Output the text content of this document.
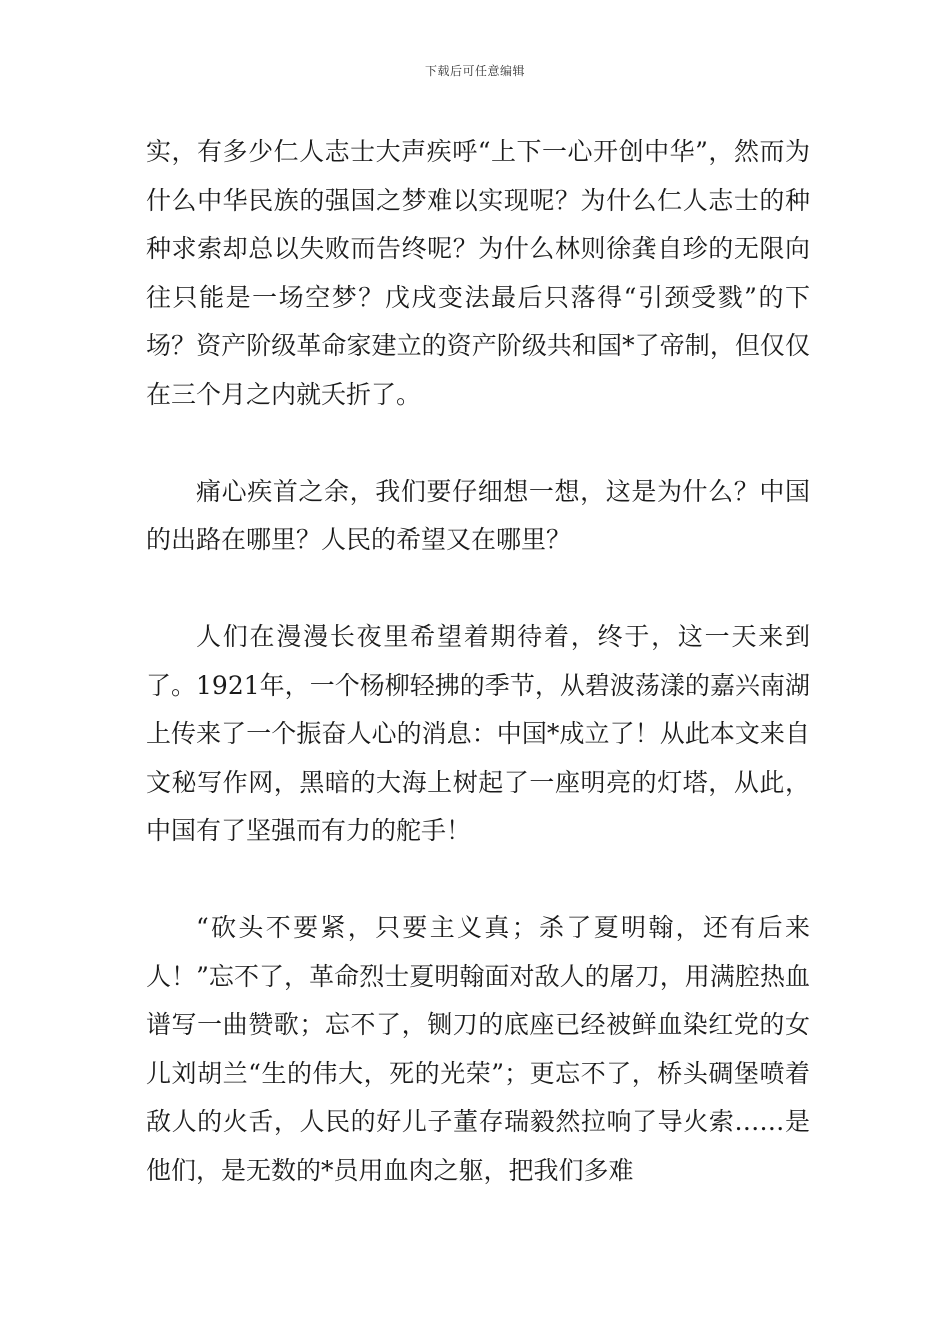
下载后可任意编辑

实，有多少仁人志士大声疾呼“上下一心开创中华”，然而为什么中华民族的强国之梦难以实现呢？为什么仁人志士的种种求索却总以失败而告终呢？为什么林则徐龚自珍的无限向往只能是一场空梦？戊戌变法最后只落得“引颈受戮”的下场？资产阶级革命家建立的资产阶级共和国*了帝制，但仅仅在三个月之内就夭折了。

痛心疾首之余，我们要仔细想一想，这是为什么？中国的出路在哪里？人民的希望又在哪里？

人们在漫漫长夜里希望着期待着，终于，这一天来到了。1921年，一个杨柳轻拂的季节，从碧波荡漾的嘉兴南湖上传来了一个振奋人心的消息：中国*成立了！从此本文来自文秘写作网，黑暗的大海上树起了一座明亮的灯塔，从此，中国有了坚强而有力的舵手！

“砍头不要紧，只要主义真；杀了夏明翰，还有后来人！”忘不了，革命烈士夏明翰面对敌人的屠刀，用满腔热血谱写一曲赞歌；忘不了，铡刀的底座已经被鲜血染红党的女儿刘胡兰“生的伟大，死的光荣”；更忘不了，桥头碉堡喷着敌人的火舌，人民的好儿子董存瑞毅然拉响了导火索……是他们，是无数的*员用血肉之躯，把我们多难
